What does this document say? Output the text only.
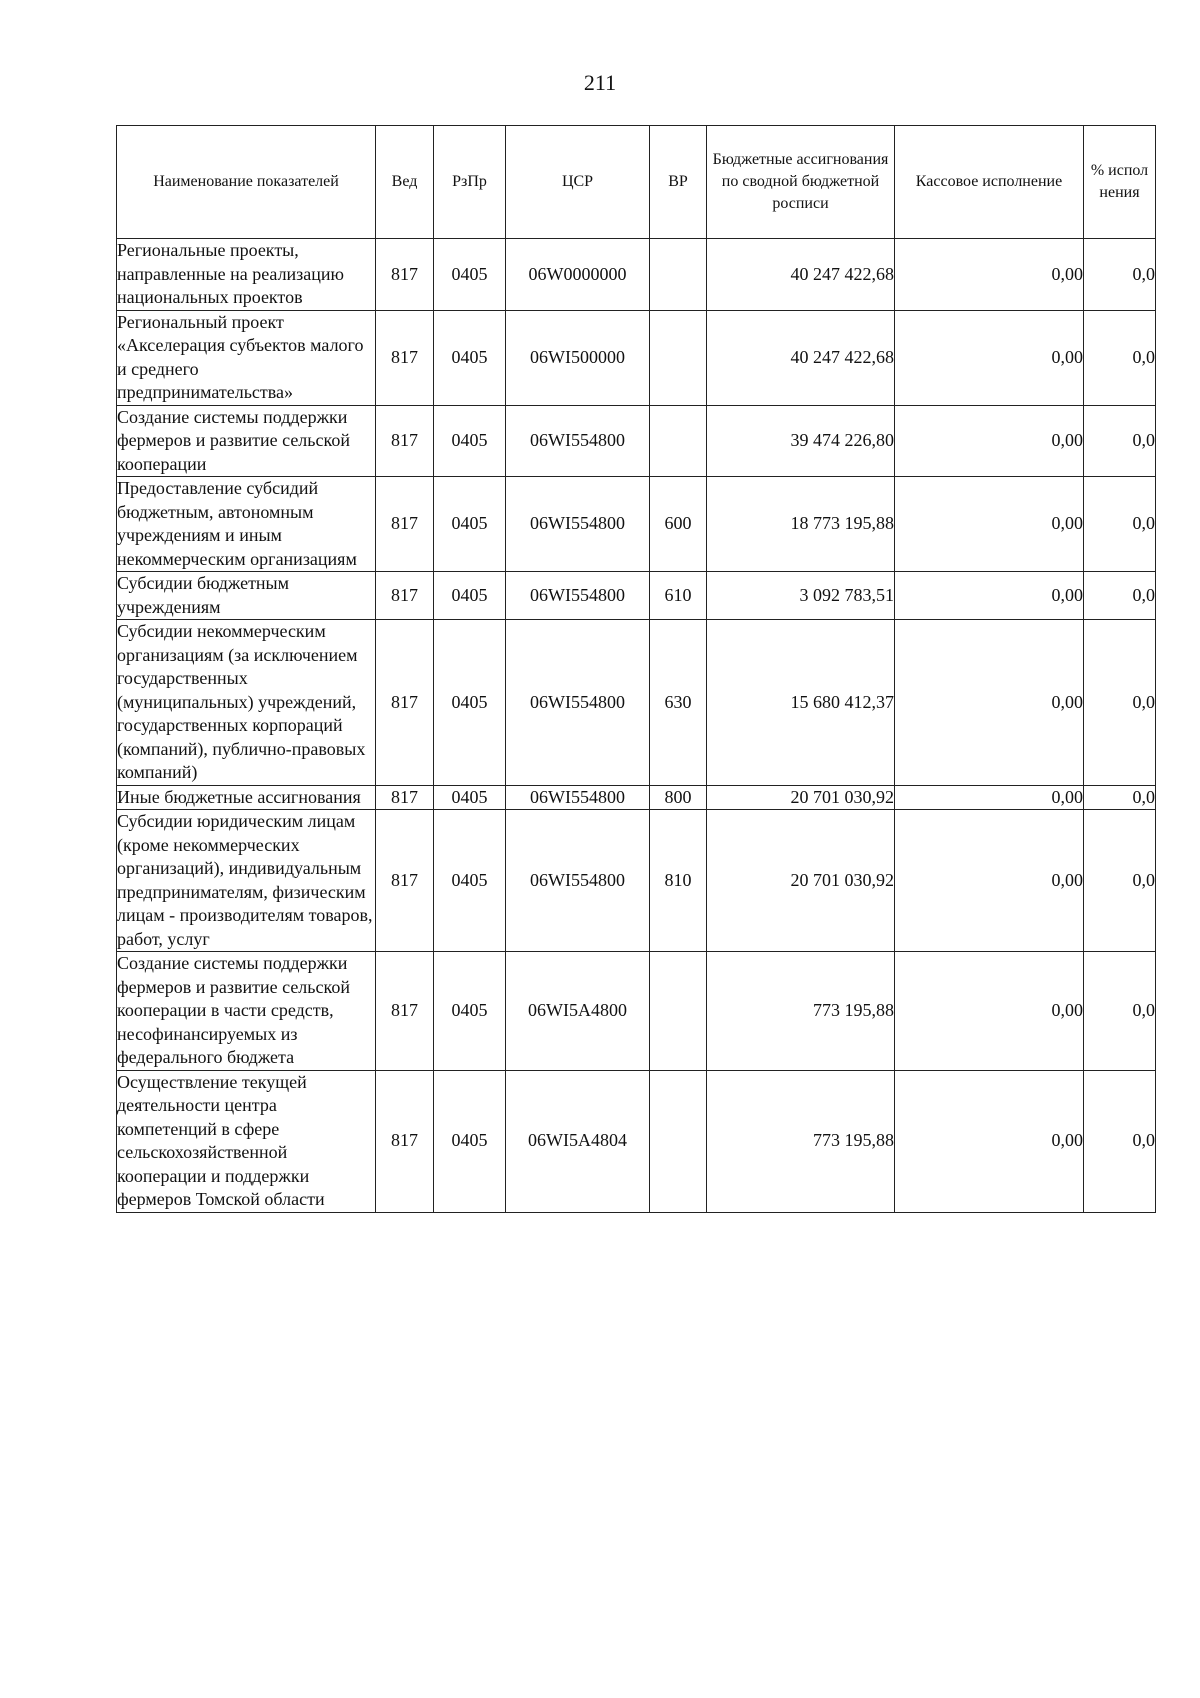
211
Наименование показателей	Вед	РзПр	ЦСР	ВР	Бюджетные ассигнования по сводной бюджетной росписи	Кассовое исполнение	% испол нения
Региональные проекты, направленные на реализацию национальных проектов	817	0405	06W0000000		40 247 422,68	0,00	0,0
Региональный проект «Акселерация субъектов малого и среднего предпринимательства»	817	0405	06WI500000		40 247 422,68	0,00	0,0
Создание системы поддержки фермеров и развитие сельской кооперации	817	0405	06WI554800		39 474 226,80	0,00	0,0
Предоставление субсидий бюджетным, автономным учреждениям и иным некоммерческим организациям	817	0405	06WI554800	600	18 773 195,88	0,00	0,0
Субсидии бюджетным учреждениям	817	0405	06WI554800	610	3 092 783,51	0,00	0,0
Субсидии некоммерческим организациям (за исключением государственных (муниципальных) учреждений, государственных корпораций (компаний), публично-правовых компаний)	817	0405	06WI554800	630	15 680 412,37	0,00	0,0
Иные бюджетные ассигнования	817	0405	06WI554800	800	20 701 030,92	0,00	0,0
Субсидии юридическим лицам (кроме некоммерческих организаций), индивидуальным предпринимателям, физическим лицам - производителям товаров, работ, услуг	817	0405	06WI554800	810	20 701 030,92	0,00	0,0
Создание системы поддержки фермеров и развитие сельской кооперации в части средств, несофинансируемых из федерального бюджета	817	0405	06WI5A4800		773 195,88	0,00	0,0
Осуществление текущей деятельности центра компетенций в сфере сельскохозяйственной кооперации и поддержки фермеров Томской области	817	0405	06WI5A4804		773 195,88	0,00	0,0
